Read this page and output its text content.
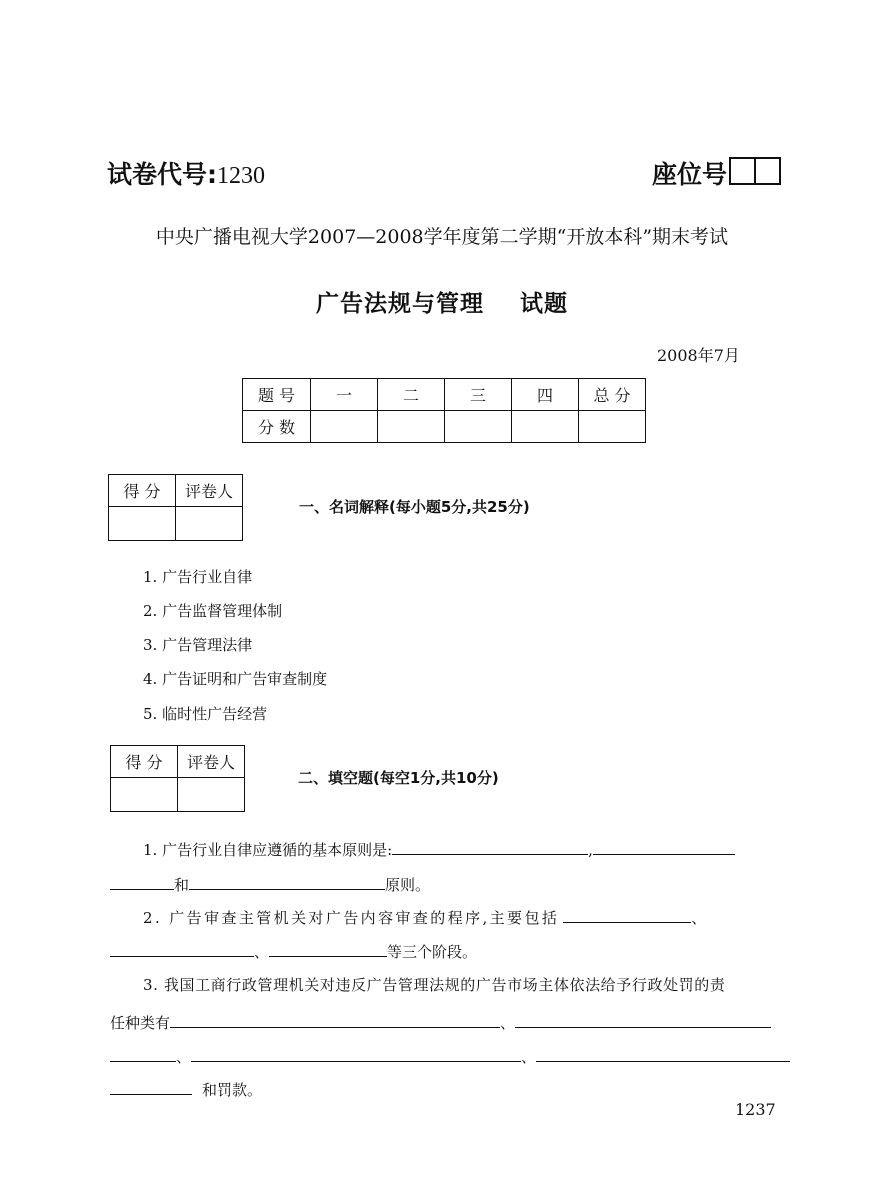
试卷代号:1230	座位号
中央广播电视大学2007—2008学年度第二学期“开放本科”期末考试
广告法规与管理    试题
2008年7月
题 号	一	二	三	四	总 分
分 数					
得 分	评卷人

一、名词解释(每小题5分,共25分)
1. 广告行业自律
2. 广告监督管理体制
3. 广告管理法律
4. 广告证明和广告审查制度
5. 临时性广告经营
得 分	评卷人

二、填空题(每空1分,共10分)
1. 广告行业自律应遵循的基本原则是:	,
和	原则。
2. 广告审查主管机关对广告内容审查的程序,主要包括	、
、	等三个阶段。
3. 我国工商行政管理机关对违反广告管理法规的广告市场主体依法给予行政处罚的责
任种类有	、
、	、
和罚款。
1237
